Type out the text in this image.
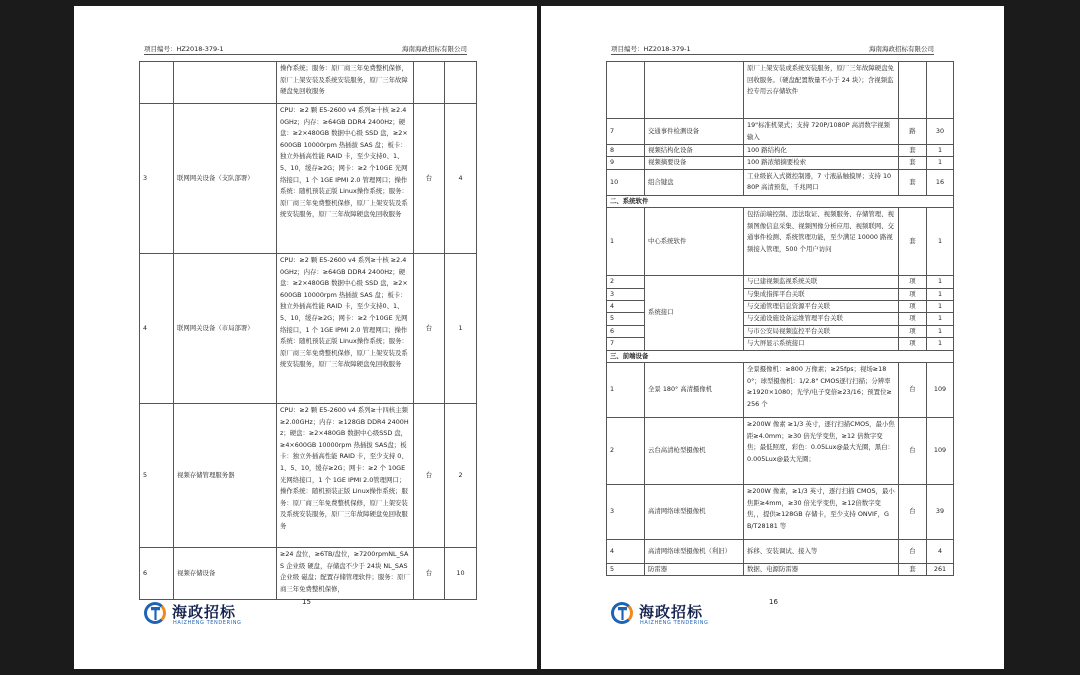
项目编号：HZ2018-379-1	海南海政招标有限公司
		操作系统；服务：原厂商三年免费整机保修，原厂上架安装及系统安装服务，原厂三年故障硬盘免回收服务		
3	联网网关设备（支队部署）	CPU：≥2 颗 E5-2600 v4 系列≥十核 ≥2.40GHz；内存：≥64GB DDR4 2400Hz；硬盘：≥2×480GB 数据中心级 SSD 盘，≥2×600GB 10000rpm 热插拔 SAS 盘；板卡：独立外插高性能 RAID 卡，至少支持0、1、5、10，缓存≥2G；网卡：≥2 个10GE 光网络接口，1 个 1GE IPMI 2.0 管理网口；操作系统：随机预装正版 Linux操作系统；服务：原厂商三年免费整机保修，原厂上架安装及系统安装服务，原厂三年故障硬盘免回收服务	台	4
4	联网网关设备（市局部署）	CPU：≥2 颗 E5-2600 v4 系列≥十核 ≥2.40GHz；内存：≥64GB DDR4 2400Hz；硬盘：≥2×480GB 数据中心级 SSD 盘，≥2×600GB 10000rpm 热插拔 SAS 盘；板卡：独立外插高性能 RAID 卡，至少支持0、1、5、10，缓存≥2G；网卡：≥2 个10GE 光网络接口，1 个 1GE IPMI 2.0 管理网口；操作系统：随机预装正版 Linux操作系统；服务：原厂商三年免费整机保修，原厂上架安装及系统安装服务，原厂三年故障硬盘免回收服务	台	1
5	视频存储管理服务器	CPU：≥2 颗 E5-2600 v4 系列≥十四核主频≥2.00GHz；内存：≥128GB DDR4 2400Hz；硬盘：≥2×480GB 数据中心级SSD 盘，≥4×600GB 10000rpm 热插拔 SAS盘；板卡：独立外插高性能 RAID 卡，至少支持 0、1、5、10，缓存≥2G；网卡：≥2 个 10GE 光网络接口，1 个 1GE IPMI 2.0管理网口；操作系统：随机预装正版 Linux操作系统；服务：原厂商三年免费整机保修，原厂上架安装及系统安装服务，原厂三年故障硬盘免回收服务	台	2
6	视频存储设备	≥24 盘位，≥6TB/盘位，≥7200rpmNL_SAS 企业级 硬盘，存储盘不少于 24块 NL_SAS 企业级 磁盘；配置存储管理软件；服务：原厂商三年免费整机保修，	台	10
海政招标
HAIZHENG TENDERING
15
项目编号：HZ2018-379-1	海南海政招标有限公司
		原厂上架安装或系统安装服务，原厂三年故障硬盘免回收服务。（硬盘配置数量不小于 24 块）；含视频监控专用云存储软件		
7	交通事件检测设备	19"标准机架式；支持 720P/1080P 高清数字视频输入	路	30
8	视频结构化设备	100 路结构化	套	1
9	视频摘要设备	100 路浓缩摘要检索	套	1
10	组合键盘	工业级嵌入式微控制器，7 寸液晶触摸屏；支持 1080P 高清预览，千兆网口	套	16
二、系统软件				
1	中心系统软件	包括前端控制、违法取证、视频服务、存储管理、视频图像信息采集、视频图像分析应用、视频联网、交通事件检测、系统管理功能，至少满足 10000 路视频接入管理，500 个用户访问	套	1
2	系统接口	与已建视频监视系统关联	项	1
3		与集成指挥平台关联	项	1
4		与交通管理信息资源平台关联	项	1
5		与交通设施设备运维管理平台关联	项	1
6		与市公安局视频监控平台关联	项	1
7		与大屏显示系统接口	项	1
三、前端设备				
1	全景 180° 高清摄像机	全景摄像机：≥800 万像素；≥25fps；视场≥180°；球型摄像机：1/2.8" CMOS逐行扫描；分辨率≥1920×1080；光学/电子变倍≥23/16；预置位≥256 个	台	109
2	云台高清枪型摄像机	≥200W 像素 ≥1/3 英寸，逐行扫描CMOS，最小焦距≥4.0mm；≥30 倍光学变焦，≥12 倍数字变焦；最低照度，彩色：0.05Lux@最大光圈，黑白：0.005Lux@最大光圈；	台	109
3	高清网络球型摄像机	≥200W 像素，≥1/3 英寸，逐行扫描 CMOS，最小焦距≥4mm，≥30 倍光学变焦，≥12倍数字变焦，，提供≥128GB 存储卡，至少支持 ONVIF，GB/T28181 等	台	39
4	高清网络球型摄像机（利旧）	拆移、安装调试、接入等	台	4
5	防雷器	数据、电源防雷器	套	261
海政招标
HAIZHENG TENDERING
16
